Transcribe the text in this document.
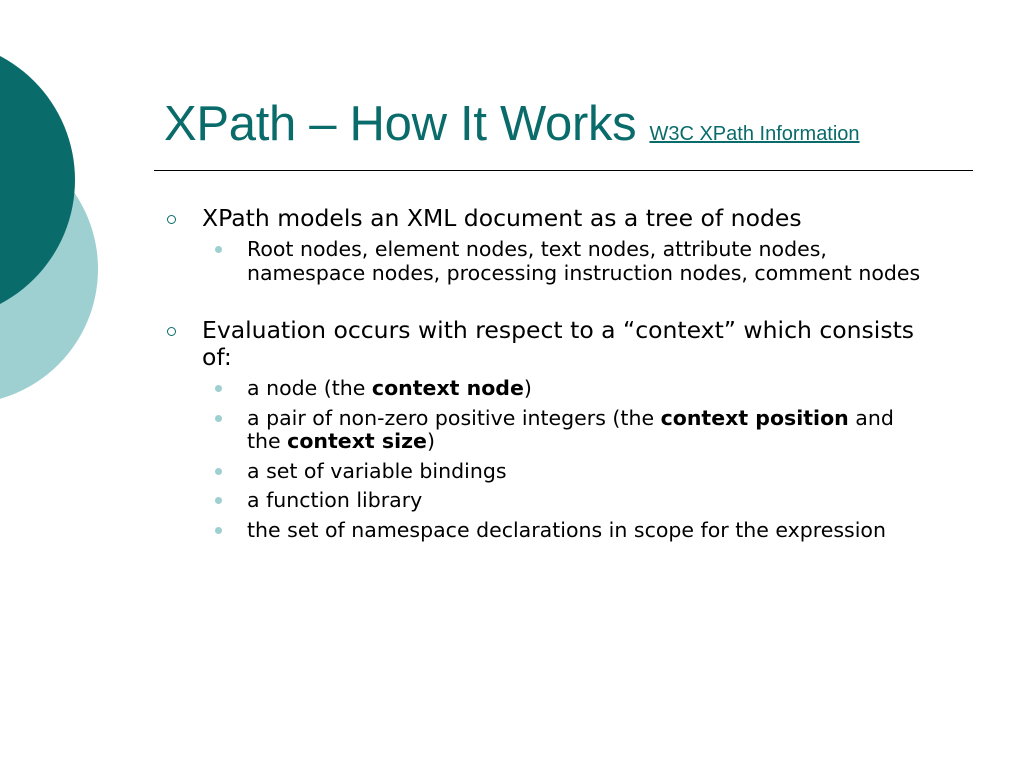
XPath – How It Works W3C XPath Information
XPath models an XML document as a tree of nodes
Root nodes, element nodes, text nodes, attribute nodes, namespace nodes, processing instruction nodes, comment nodes
Evaluation occurs with respect to a “context” which consists of:
a node (the context node)
a pair of non-zero positive integers (the context position and the context size)
a set of variable bindings
a function library
the set of namespace declarations in scope for the expression
